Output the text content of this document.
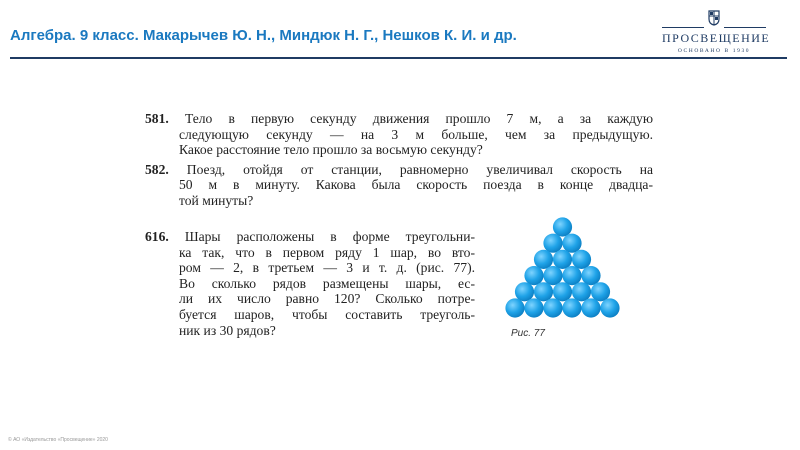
Алгебра. 9 класс. Макарычев Ю. Н., Миндюк Н. Г., Нешков К. И. и др.	ПРОСВЕЩЕНИЕ
ОСНОВАНО В 1930
581. Тело в первую секунду движения прошло 7 м, а за каждую
следующую секунду — на 3 м больше, чем за предыдущую.
Какое расстояние тело прошло за восьмую секунду?
582. Поезд, отойдя от станции, равномерно увеличивал скорость на
50 м в минуту. Какова была скорость поезда в конце двадца-
той минуты?
616. Шары расположены в форме треугольни-
ка так, что в первом ряду 1 шар, во вто-
ром — 2, в третьем — 3 и т. д. (рис. 77).
Во сколько рядов размещены шары, ес-
ли их число равно 120? Сколько потре-
буется шаров, чтобы составить треуголь-
ник из 30 рядов?	Рис. 77
© АО «Издательство «Просвещение» 2020
